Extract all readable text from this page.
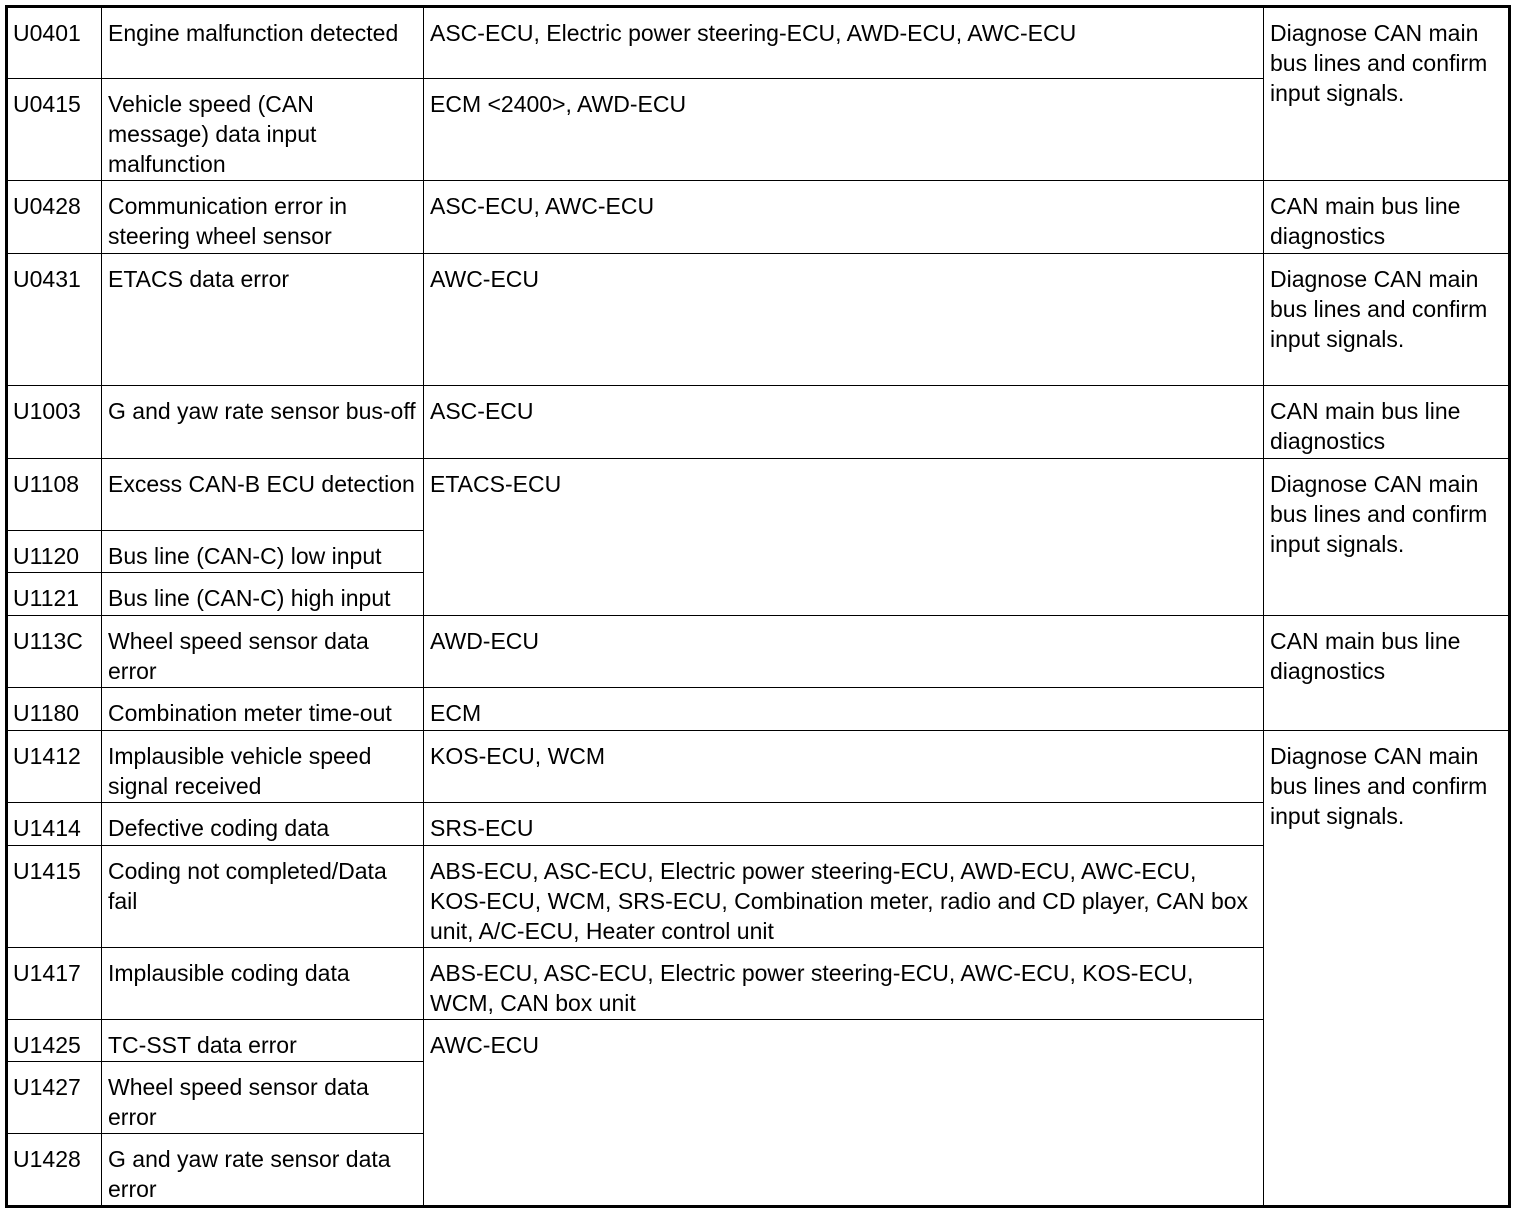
U0401	Engine malfunction detected	ASC-ECU, Electric power steering-ECU, AWD-ECU, AWC-ECU	Diagnose CAN main bus lines and confirm input signals.
U0415	Vehicle speed (CAN message) data input malfunction	ECM <2400>, AWD-ECU	
U0428	Communication error in steering wheel sensor	ASC-ECU, AWC-ECU	CAN main bus line diagnostics
U0431	ETACS data error	AWC-ECU	Diagnose CAN main bus lines and confirm input signals.
U1003	G and yaw rate sensor bus-off	ASC-ECU	CAN main bus line diagnostics
U1108	Excess CAN-B ECU detection	ETACS-ECU	Diagnose CAN main bus lines and confirm input signals.
U1120	Bus line (CAN-C) low input		
U1121	Bus line (CAN-C) high input		
U113C	Wheel speed sensor data error	AWD-ECU	CAN main bus line diagnostics
U1180	Combination meter time-out	ECM	
U1412	Implausible vehicle speed signal received	KOS-ECU, WCM	Diagnose CAN main bus lines and confirm input signals.
U1414	Defective coding data	SRS-ECU	
U1415	Coding not completed/Data fail	ABS-ECU, ASC-ECU, Electric power steering-ECU, AWD-ECU, AWC-ECU, KOS-ECU, WCM, SRS-ECU, Combination meter, radio and CD player, CAN box unit, A/C-ECU, Heater control unit	
U1417	Implausible coding data	ABS-ECU, ASC-ECU, Electric power steering-ECU, AWC-ECU, KOS-ECU, WCM, CAN box unit	
U1425	TC-SST data error	AWC-ECU	
U1427	Wheel speed sensor data error		
U1428	G and yaw rate sensor data error		
